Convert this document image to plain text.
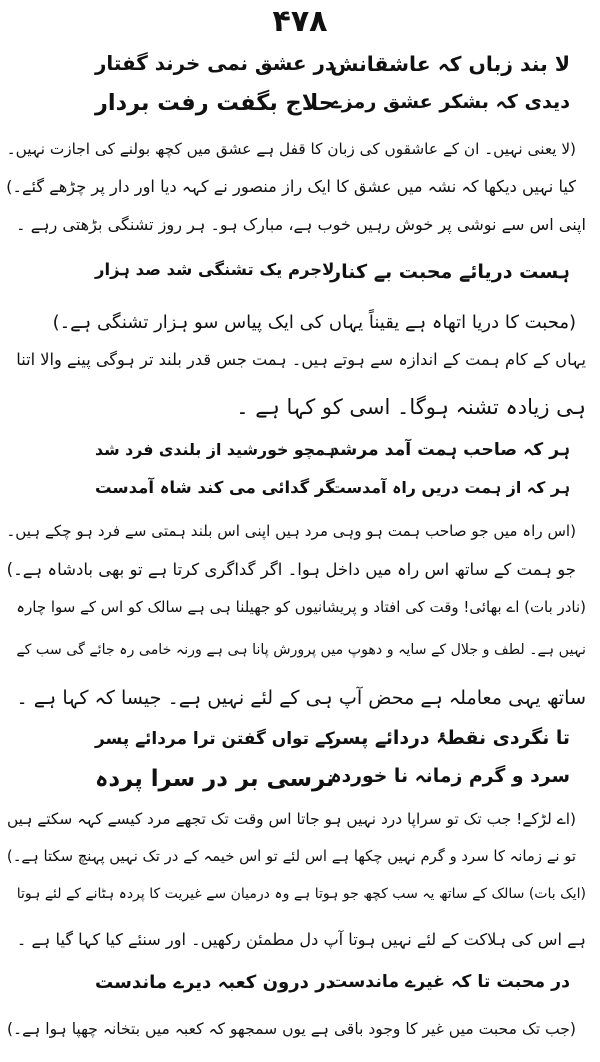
۴۷۸
لا بند زباں کہ عاشقانش
در عشق نمی خرند گفتار
دیدی کہ بشکر عشق رمزے
حلاج بگفت رفت بردار
(لا یعنی نہیں۔ ان کے عاشقوں کی زبان کا قفل ہے عشق میں کچھ بولنے کی اجازت نہیں۔
کیا نہیں دیکھا کہ نشہ میں عشق کا ایک راز منصور نے کہہ دیا اور دار پر چڑھے گئے۔)
اپنی اس سے نوشی پر خوش رہیں خوب ہے، مبارک ہو۔ ہر روز تشنگی بڑھتی رہے ۔
ہست دریائے محبت بے کنار
لاجرم یک تشنگی شد صد ہزار
(محبت کا دریا اتھاہ ہے یقیناً یہاں کی ایک پیاس سو ہزار تشنگی ہے۔)
یہاں کے کام ہمت کے اندازہ سے ہوتے ہیں۔ ہمت جس قدر بلند تر ہوگی پینے والا اتنا
ہی زیادہ تشنہ ہوگا۔ اسی کو کہا ہے ۔
ہر کہ صاحب ہمت آمد مرشد
ہمچو خورشید از بلندی فرد شد
ہر کہ از ہمت دریں راہ آمدست
گر گدائی می کند شاہ آمدست
(اس راہ میں جو صاحب ہمت ہو وہی مرد ہیں اپنی اس بلند ہمتی سے فرد ہو چکے ہیں۔
جو ہمت کے ساتھ اس راہ میں داخل ہوا۔ اگر گداگری کرتا ہے تو بھی بادشاہ ہے۔)
(نادر بات) اے بھائی! وقت کی افتاد و پریشانیوں کو جھیلنا ہی ہے سالک کو اس کے سوا چارہ
نہیں ہے۔ لطف و جلال کے سایہ و دھوپ میں پرورش پانا ہی ہے ورنہ خامی رہ جائے گی سب کے
ساتھ یہی معاملہ ہے محض آپ ہی کے لئے نہیں ہے۔ جیسا کہ کہا ہے ۔
تا نگردی نقطۂ دردائے پسر
کے تواں گفتن ترا مردائے پسر
سرد و گرم زمانہ نا خوردہ
نرسی بر در سرا پردہ
(اے لڑکے! جب تک تو سراپا درد نہیں ہو جاتا اس وقت تک تجھے مرد کیسے کہہ سکتے ہیں
تو نے زمانہ کا سرد و گرم نہیں چکھا ہے اس لئے تو اس خیمہ کے در تک نہیں پہنچ سکتا ہے۔)
(ایک بات) سالک کے ساتھ یہ سب کچھ جو ہوتا ہے وہ درمیان سے غیریت کا پردہ ہٹانے کے لئے ہوتا
ہے اس کی ہلاکت کے لئے نہیں ہوتا آپ دل مطمئن رکھیں۔ اور سنئے کیا کہا گیا ہے ۔
در محبت تا کہ غیرے ماندست
در درون کعبہ دیرے ماندست
(جب تک محبت میں غیر کا وجود باقی ہے یوں سمجھو کہ کعبہ میں بتخانہ چھپا ہوا ہے۔)
